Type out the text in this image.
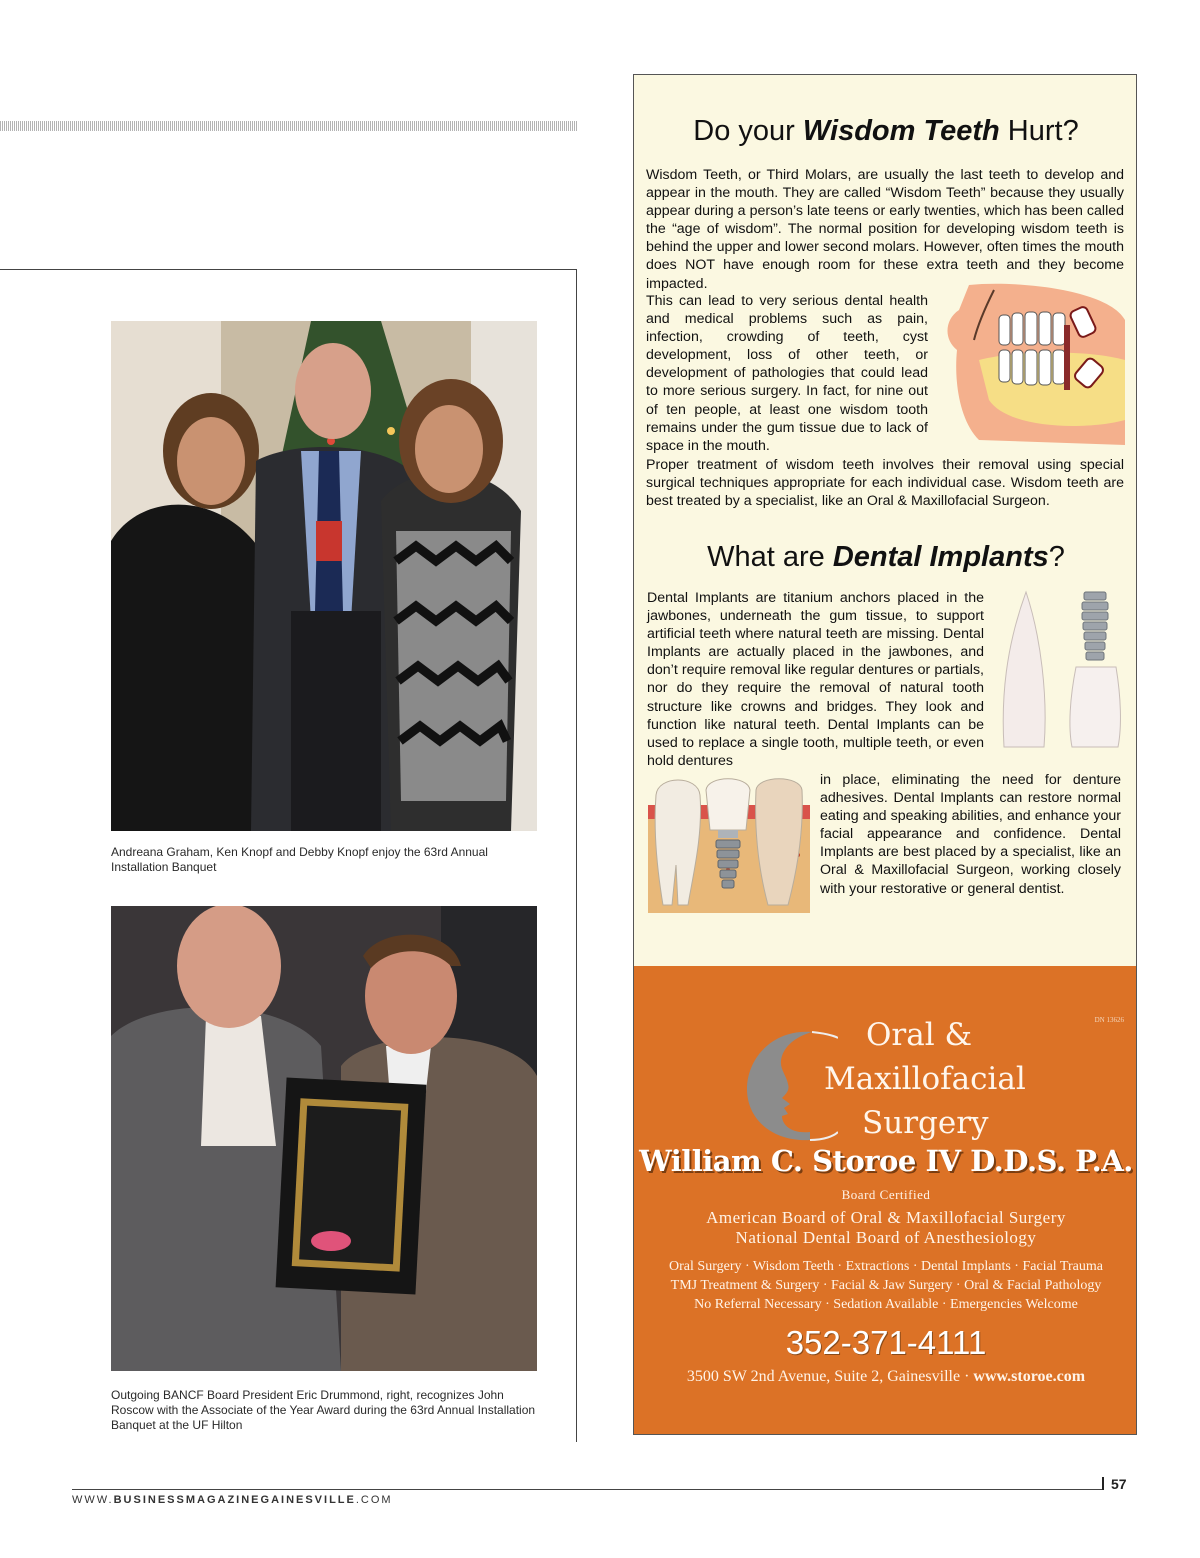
Andreana Graham, Ken Knopf and Debby Knopf enjoy the 63rd Annual Installation Banquet
Outgoing BANCF Board President Eric Drummond, right, recognizes John Roscow with the Associate of the Year Award during the 63rd Annual Installation Banquet at the UF Hilton
Do your Wisdom Teeth Hurt?
Wisdom Teeth, or Third Molars, are usually the last teeth to develop and appear in the mouth. They are called “Wisdom Teeth” because they usually appear during a person’s late teens or early twenties, which has been called the “age of wisdom”. The normal position for developing wisdom teeth is behind the upper and lower second molars. However, often times the mouth does NOT have enough room for these extra teeth and they become impacted.
This can lead to very serious dental health and medical problems such as pain, infection, crowding of teeth, cyst development, loss of other teeth, or development of pathologies that could lead to more serious surgery. In fact, for nine out of ten people, at least one wisdom tooth remains under the gum tissue due to lack of space in the mouth.
Proper treatment of wisdom teeth involves their removal using special surgical techniques appropriate for each individual case. Wisdom teeth are best treated by a specialist, like an Oral & Maxillofacial Surgeon.
What are Dental Implants?
Dental Implants are titanium anchors placed in the jawbones, underneath the gum tissue, to support artificial teeth where natural teeth are missing. Dental Implants are actually placed in the jawbones, and don’t require removal like regular dentures or partials, nor do they require the removal of natural tooth structure like crowns and bridges. They look and function like natural teeth. Dental Implants can be used to replace a single tooth, multiple teeth, or even hold dentures
in place, eliminating the need for denture adhesives. Dental Implants can restore normal eating and speaking abilities, and enhance your facial appearance and confidence. Dental Implants are best placed by a specialist, like an Oral & Maxillofacial Surgeon, working closely with your restorative or general dentist.
DN 13626
Oral &
Maxillofacial
Surgery
William C. Storoe IV D.D.S. P.A.
Board Certified
American Board of Oral & Maxillofacial Surgery
National Dental Board of Anesthesiology
Oral Surgery · Wisdom Teeth · Extractions · Dental Implants · Facial Trauma
TMJ Treatment & Surgery · Facial & Jaw Surgery · Oral & Facial Pathology
No Referral Necessary · Sedation Available · Emergencies Welcome
352-371-4111
3500 SW 2nd Avenue, Suite 2, Gainesville · www.storoe.com
57
WWW.BUSINESSMAGAZINEGAINESVILLE.COM
